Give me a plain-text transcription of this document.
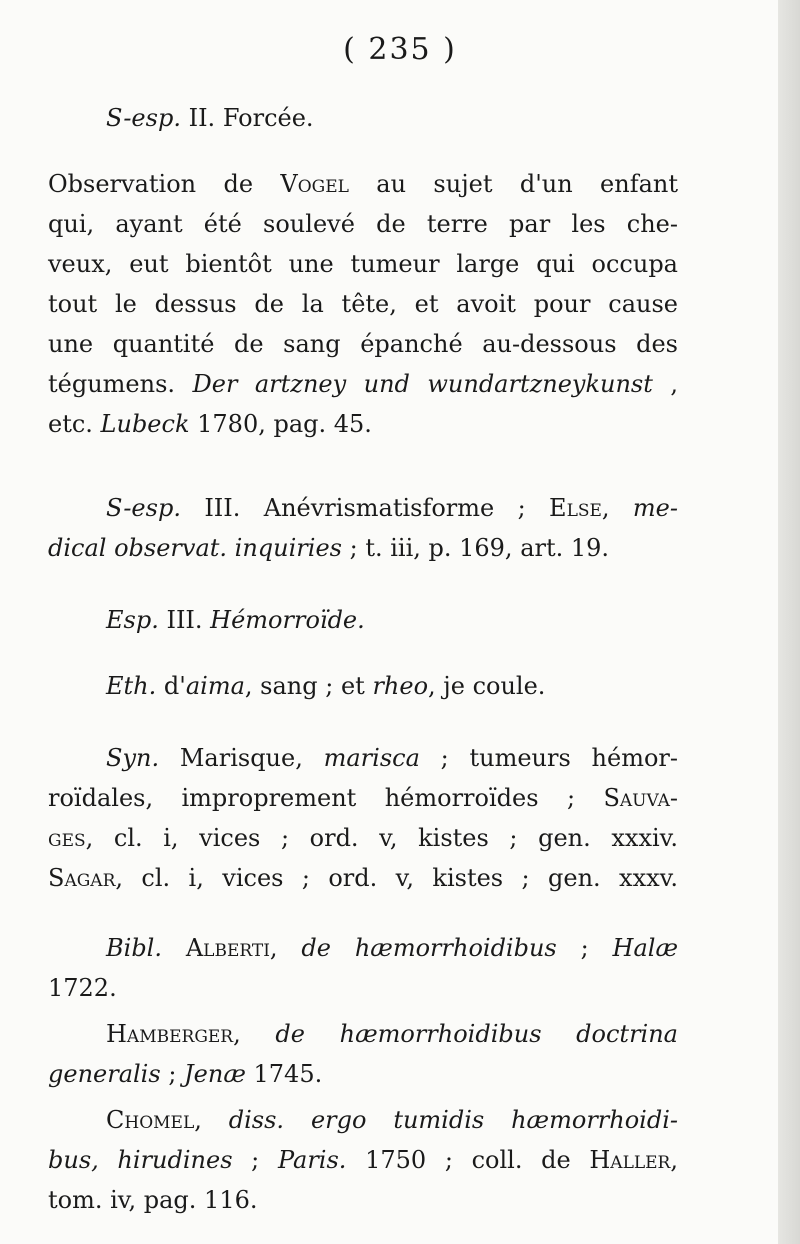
( 235 )
S-esp. II. Forcée.
Observation de Vogel au sujet d'un enfant
qui, ayant été soulevé de terre par les che-
veux, eut bientôt une tumeur large qui occupa
tout le dessus de la tête, et avoit pour cause
une quantité de sang épanché au-dessous des
tégumens. Der artzney und wundartzneykunst ,
etc. Lubeck 1780, pag. 45.
S-esp. III. Anévrismatisforme ; Else, me-
dical observat. inquiries ; t. iii, p. 169, art. 19.
Esp. III. Hémorroïde.
Eth. d'aima, sang ; et rheo, je coule.
Syn. Marisque, marisca ; tumeurs hémor-
roïdales, improprement hémorroïdes ; Sauva-
ges, cl. i, vices ; ord. v, kistes ; gen. xxxiv.
Sagar, cl. i, vices ; ord. v, kistes ; gen. xxxv.
Bibl. Alberti, de hæmorrhoidibus ; Halæ
1722.
Hamberger, de hæmorrhoidibus doctrina
generalis ; Jenæ 1745.
Chomel, diss. ergo tumidis hæmorrhoidi-
bus, hirudines ; Paris. 1750 ; coll. de Haller,
tom. iv, pag. 116.
